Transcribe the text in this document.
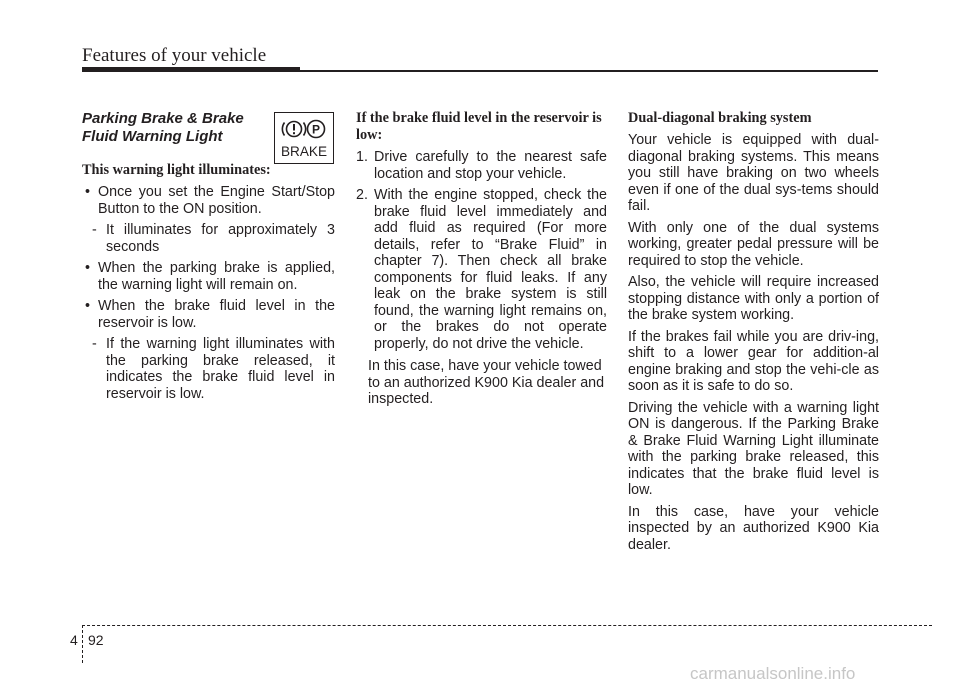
Features of your vehicle
P
BRAKE
Parking Brake & Brake Fluid Warning Light
This warning light illuminates:
• Once you set the Engine Start/Stop Button to the ON position.

- It illuminates for approximately 3 seconds

• When the parking brake is applied, the warning light will remain on.

• When the brake fluid level in the reservoir is low.

- If the warning light illuminates with the parking brake released, it indicates the brake fluid level in reservoir is low.

If the brake fluid level in the reservoir is low:
1. Drive carefully to the nearest safe location and stop your vehicle.

2. With the engine stopped, check the brake fluid level immediately and add fluid as required (For more details, refer to “Brake Fluid” in chapter 7). Then check all brake components for fluid leaks. If any leak on the brake system is still found, the warning light remains on, or the brakes do not operate properly, do not drive the vehicle.

In this case, have your vehicle towed to an authorized K900 Kia dealer and inspected.

Dual-diagonal braking system

Your vehicle is equipped with dual-diagonal braking systems. This means you still have braking on two wheels even if one of the dual sys-tems should fail.

With only one of the dual systems working, greater pedal pressure will be required to stop the vehicle.

Also, the vehicle will require increased stopping distance with only a portion of the brake system working.

If the brakes fail while you are driv-ing, shift to a lower gear for addition-al engine braking and stop the vehi-cle as soon as it is safe to do so.

Driving the vehicle with a warning light ON is dangerous. If the Parking Brake & Brake Fluid Warning Light illuminate with the parking brake released, this indicates that the brake fluid level is low.

In this case, have your vehicle inspected by an authorized K900 Kia dealer.

4 92
carmanualsonline.info
